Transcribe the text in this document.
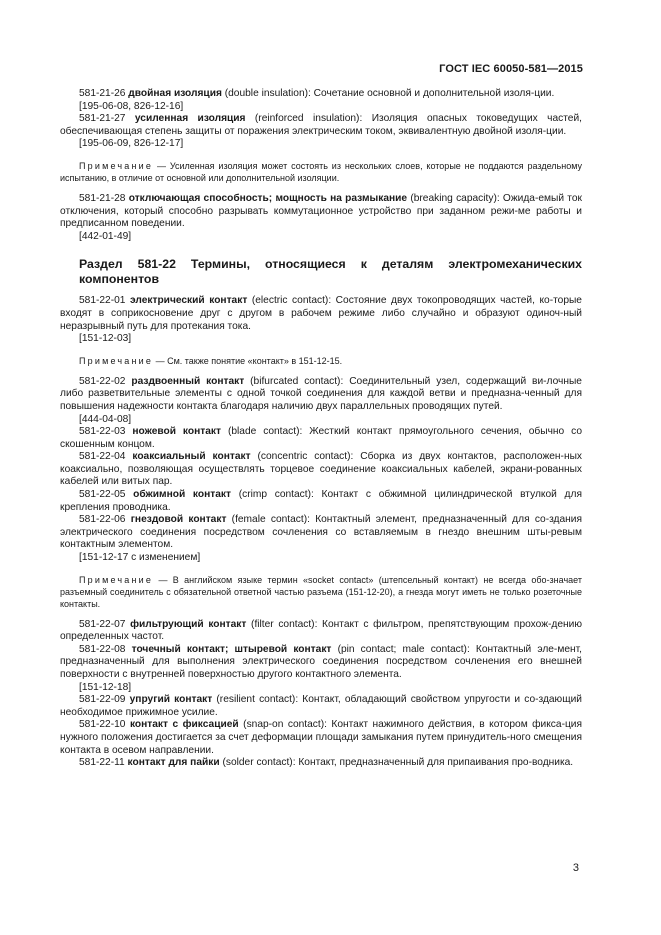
ГОСТ IEC 60050-581—2015

581-21-26 двойная изоляция (double insulation): Сочетание основной и дополнительной изоля-ции.

[195-06-08, 826-12-16]

581-21-27 усиленная изоляция (reinforced insulation): Изоляция опасных токоведущих частей, обеспечивающая степень защиты от поражения электрическим током, эквивалентную двойной изоля-ции.

[195-06-09, 826-12-17]

Примечание — Усиленная изоляция может состоять из нескольких слоев, которые не поддаются раздельному испытанию, в отличие от основной или дополнительной изоляции.

581-21-28 отключающая способность; мощность на размыкание (breaking capacity): Ожида-емый ток отключения, который способно разрывать коммутационное устройство при заданном режи-ме работы и предписанном поведении.

[442-01-49]

Раздел 581-22 Термины, относящиеся к деталям электромеханических компонентов

581-22-01 электрический контакт (electric contact): Состояние двух токопроводящих частей, ко-торые входят в соприкосновение друг с другом в рабочем режиме либо случайно и образуют одиноч-ный неразрывный путь для протекания тока.

[151-12-03]

Примечание — См. также понятие «контакт» в 151-12-15.

581-22-02 раздвоенный контакт (bifurcated contact): Соединительный узел, содержащий ви-лочные либо разветвительные элементы с одной точкой соединения для каждой ветви и предназна-ченный для повышения надежности контакта благодаря наличию двух параллельных проводящих путей.

[444-04-08]

581-22-03 ножевой контакт (blade contact): Жесткий контакт прямоугольного сечения, обычно со скошенным концом.

581-22-04 коаксиальный контакт (concentric contact): Сборка из двух контактов, расположен-ных коаксиально, позволяющая осуществлять торцевое соединение коаксиальных кабелей, экрани-рованных кабелей или витых пар.

581-22-05 обжимной контакт (crimp contact): Контакт с обжимной цилиндрической втулкой для крепления проводника.

581-22-06 гнездовой контакт (female contact): Контактный элемент, предназначенный для со-здания электрического соединения посредством сочленения со вставляемым в гнездо внешним шты-ревым контактным элементом.

[151-12-17 с изменением]

Примечание — В английском языке термин «socket contact» (штепсельный контакт) не всегда обо-значает разъемный соединитель с обязательной ответной частью разъема (151-12-20), а гнезда могут иметь не только розеточные контакты.

581-22-07 фильтрующий контакт (filter contact): Контакт с фильтром, препятствующим прохож-дению определенных частот.

581-22-08 точечный контакт; штыревой контакт (pin contact; male contact): Контактный эле-мент, предназначенный для выполнения электрического соединения посредством сочленения его внешней поверхности с внутренней поверхностью другого контактного элемента.

[151-12-18]

581-22-09 упругий контакт (resilient contact): Контакт, обладающий свойством упругости и со-здающий необходимое прижимное усилие.

581-22-10 контакт с фиксацией (snap-on contact): Контакт нажимного действия, в котором фикса-ция нужного положения достигается за счет деформации площади замыкания путем принудитель-ного смещения контакта в осевом направлении.

581-22-11 контакт для пайки (solder contact): Контакт, предназначенный для припаивания про-водника.

3
